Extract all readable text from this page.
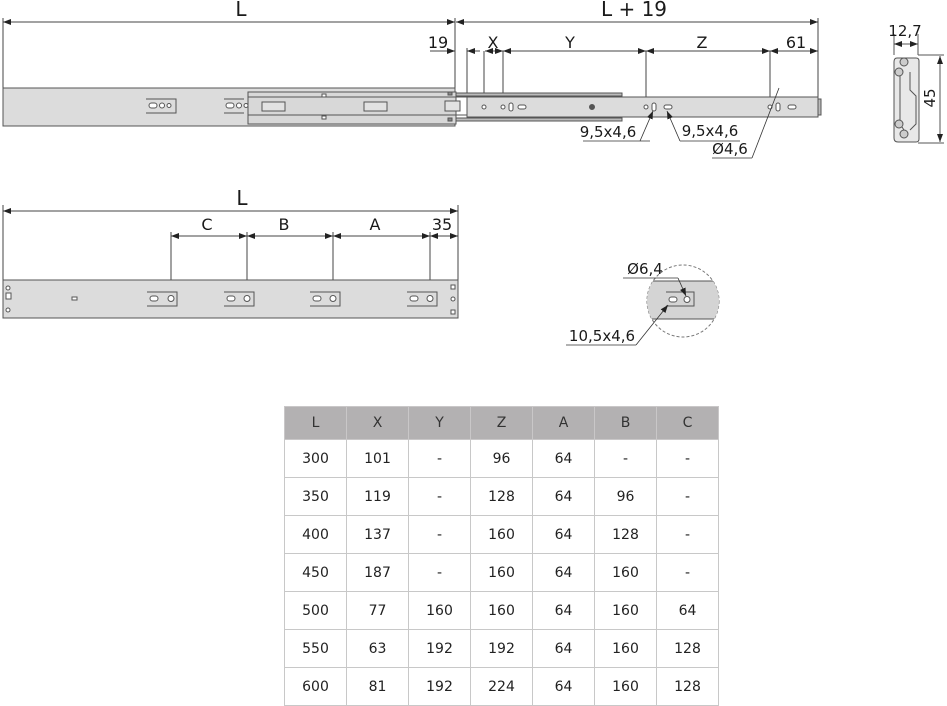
L	L + 19
19 X	Y	Z	61
9,5x4,6	9,5x4,6
Ø4,6
12,7
45
L
C	B	A	35
Ø6,4
10,5x4,6
L	X	Y	Z	A	B	C
300	101	-	96	64	-	-
350	119	-	128	64	96	-
400	137	-	160	64	128	-
450	187	-	160	64	160	-
500	77	160	160	64	160	64
550	63	192	192	64	160	128
600	81	192	224	64	160	128
